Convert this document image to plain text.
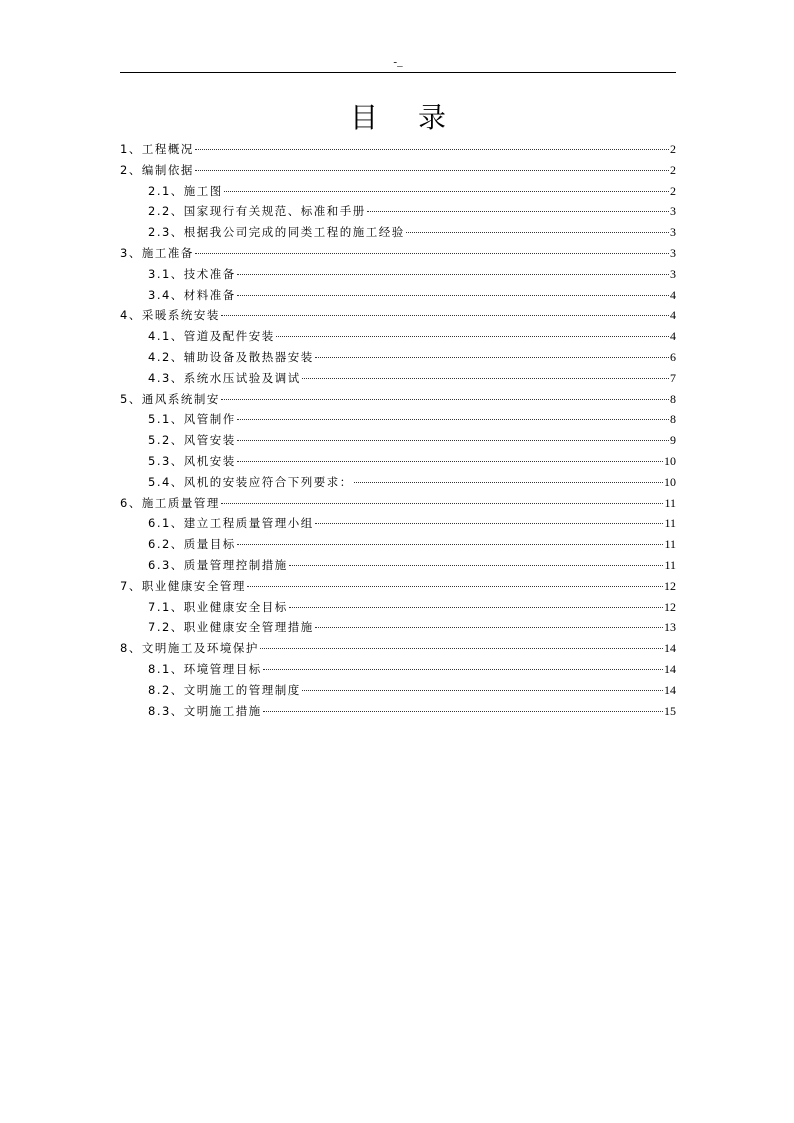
-_
目录
1、工程概况	2
2、编制依据	2
2.1、施工图	2
2.2、国家现行有关规范、标准和手册	3
2.3、根据我公司完成的同类工程的施工经验	3
3、施工准备	3
3.1、技术准备	3
3.4、材料准备	4
4、采暖系统安装	4
4.1、管道及配件安装	4
4.2、辅助设备及散热器安装	6
4.3、系统水压试验及调试	7
5、通风系统制安	8
5.1、风管制作	8
5.2、风管安装	9
5.3、风机安装	10
5.4、风机的安装应符合下列要求：	10
6、施工质量管理	11
6.1、建立工程质量管理小组	11
6.2、质量目标	11
6.3、质量管理控制措施	11
7、职业健康安全管理	12
7.1、职业健康安全目标	12
7.2、职业健康安全管理措施	13
8、文明施工及环境保护	14
8.1、环境管理目标	14
8.2、文明施工的管理制度	14
8.3、文明施工措施	15
